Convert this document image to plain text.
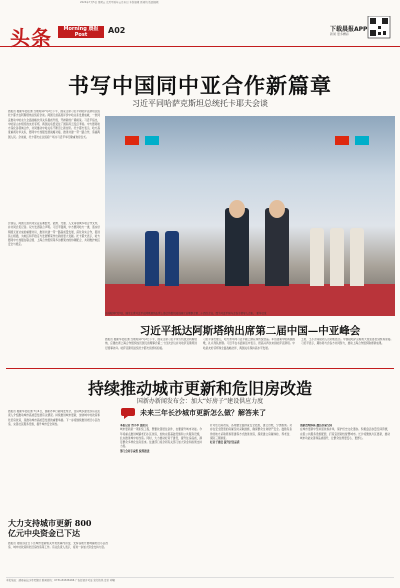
2024年7月5日 星期五 农历甲辰年五月卅日 本版编辑 新闻线 版面编辑
头条	Morning 晨报 Post	A02	下载晨报APP
新闻 更多精彩
书写中国同中亚合作新篇章
习近平同哈萨克斯坦总统托卡耶夫会谈
晨报讯 据新华社报道 当地时间7月2日下午，国家主席习近平同哈萨克斯坦总统托卡耶夫在阿斯塔纳总统府会谈。两国元首高度评价中哈关系发展成就，一致同意推动中哈永久全面战略伙伴关系提质升级，开辟新的广阔前景。习近平指出，中哈是山水相连的友好邻邦，两国关系经受住了国际风云变幻考验。中方愿同哈方深化各领域合作，共同推动中哈关系不断迈上新台阶。托卡耶夫表示，哈方高度重视对华关系，愿同中方加强发展战略对接，推进共建一带一路合作，造福两国人民。会谈前，托卡耶夫在总统府广场为习近平举行隆重欢迎仪式。
会谈后，两国元首共同见证签署经贸、能源、交通、人文等领域多项合作文件，并共同会见记者。双方发表联合声明。习近平强调，中方愿同哈方一道，落实好两国元首达成的重要共识，推进共建一带一路高质量发展，深化务实合作，促进民心相通，为地区和平稳定与发展繁荣作出新的更大贡献。托卡耶夫表示，哈方愿同中方加强在联合国、上海合作组织等多边框架内的协调配合，共同维护地区安全与稳定。
当地时间7月3日，国家主席习近平在阿斯塔纳出席上海合作组织成员国元首理事会第二十四次会议。图为习近平同与会各方领导人合影。 新华社发
习近平抵达阿斯塔纳出席第二届中国—中亚峰会
晨报讯 据新华社报道 当地时间7月2日下午，国家主席习近平乘专机抵达阿斯塔纳，应邀出席上海合作组织成员国元首理事会第二十四次会议并对哈萨克斯坦进行国事访问。哈萨克斯坦总统托卡耶夫到机场迎接。
习近平步出舱门，哈方青年向习近平献上鲜花和传统饮品。军乐团奏中哈两国国歌，礼兵列队致敬。习近平在书面讲话中表示，很高兴再次来到哈萨克斯坦。中哈是友好邻邦和全面战略伙伴，两国关系保持高水平发展。
王毅、王小洪等陪同人员同机抵达。中国驻哈萨克斯坦大使张霄也到机场迎接。习近平表示，期待同与会各方共同努力，推动上海合作组织取得新成果。
持续推动城市更新和危旧房改造
国新办新闻发布会：加大“好房子”建设供应力度
未来三年长沙城市更新怎么做？解答来了
晨报讯 据新华社报道 7月4日，国新办举行新闻发布会，住房城乡建设部有关负责人介绍推动城市高质量发展有关情况。持续推进城市更新，加快城中村改造和危旧房改造，是推动城市高质量发展的重要举措。下一步将继续推进老旧小区改造，完善社区服务设施，提升城市安全韧性。	本报记者 曾小华 通讯员
城市更新是一项系统工程，既要改善居住条件，也要提升城市功能。今年将重点推进城镇老旧小区改造，加快完善基础设施和公共服务设施，扎实推进城中村改造。同时，大力推动好房子建设，提升住房品质，满足群众多样化住房需求。住建部门将会同有关部门加大资金和政策支持力度。
部门会同专家组 统筹推进
针对危旧房改造，各地要全面排查安全隐患，建立台账，分类施策。对存在安全隐患的房屋及时采取措施，确保群众生命财产安全。鼓励有条件的地方采取原拆原建等方式推进改造，探索建立房屋体检、养老金、保险三项制度。
好房子建设 提升居住品质
创新治理体系 激活存量空间
在城市更新中坚持留改拆并举，保护历史文化遗存。积极盘活存量空间资源，完善公共服务设施配套，打造宜居韧性智慧城市。长沙将聚焦片区更新，推动城市功能完善和品质提升，让群众住得更安心、更舒心。
大力支持城市更新 800亿元中央资金已下达
晨报讯 财政部近日下达城市更新相关中央预算内资金，支持各地开展城镇老旧小区改造、城中村改造和危旧房改造等工作。有关负责人表示，将进一步加大资金支持力度。
本报地址：湖南省长沙市芙蓉区 新闻热线：0731-84326166 广告经营许可证 发行热线 定价 印刷
